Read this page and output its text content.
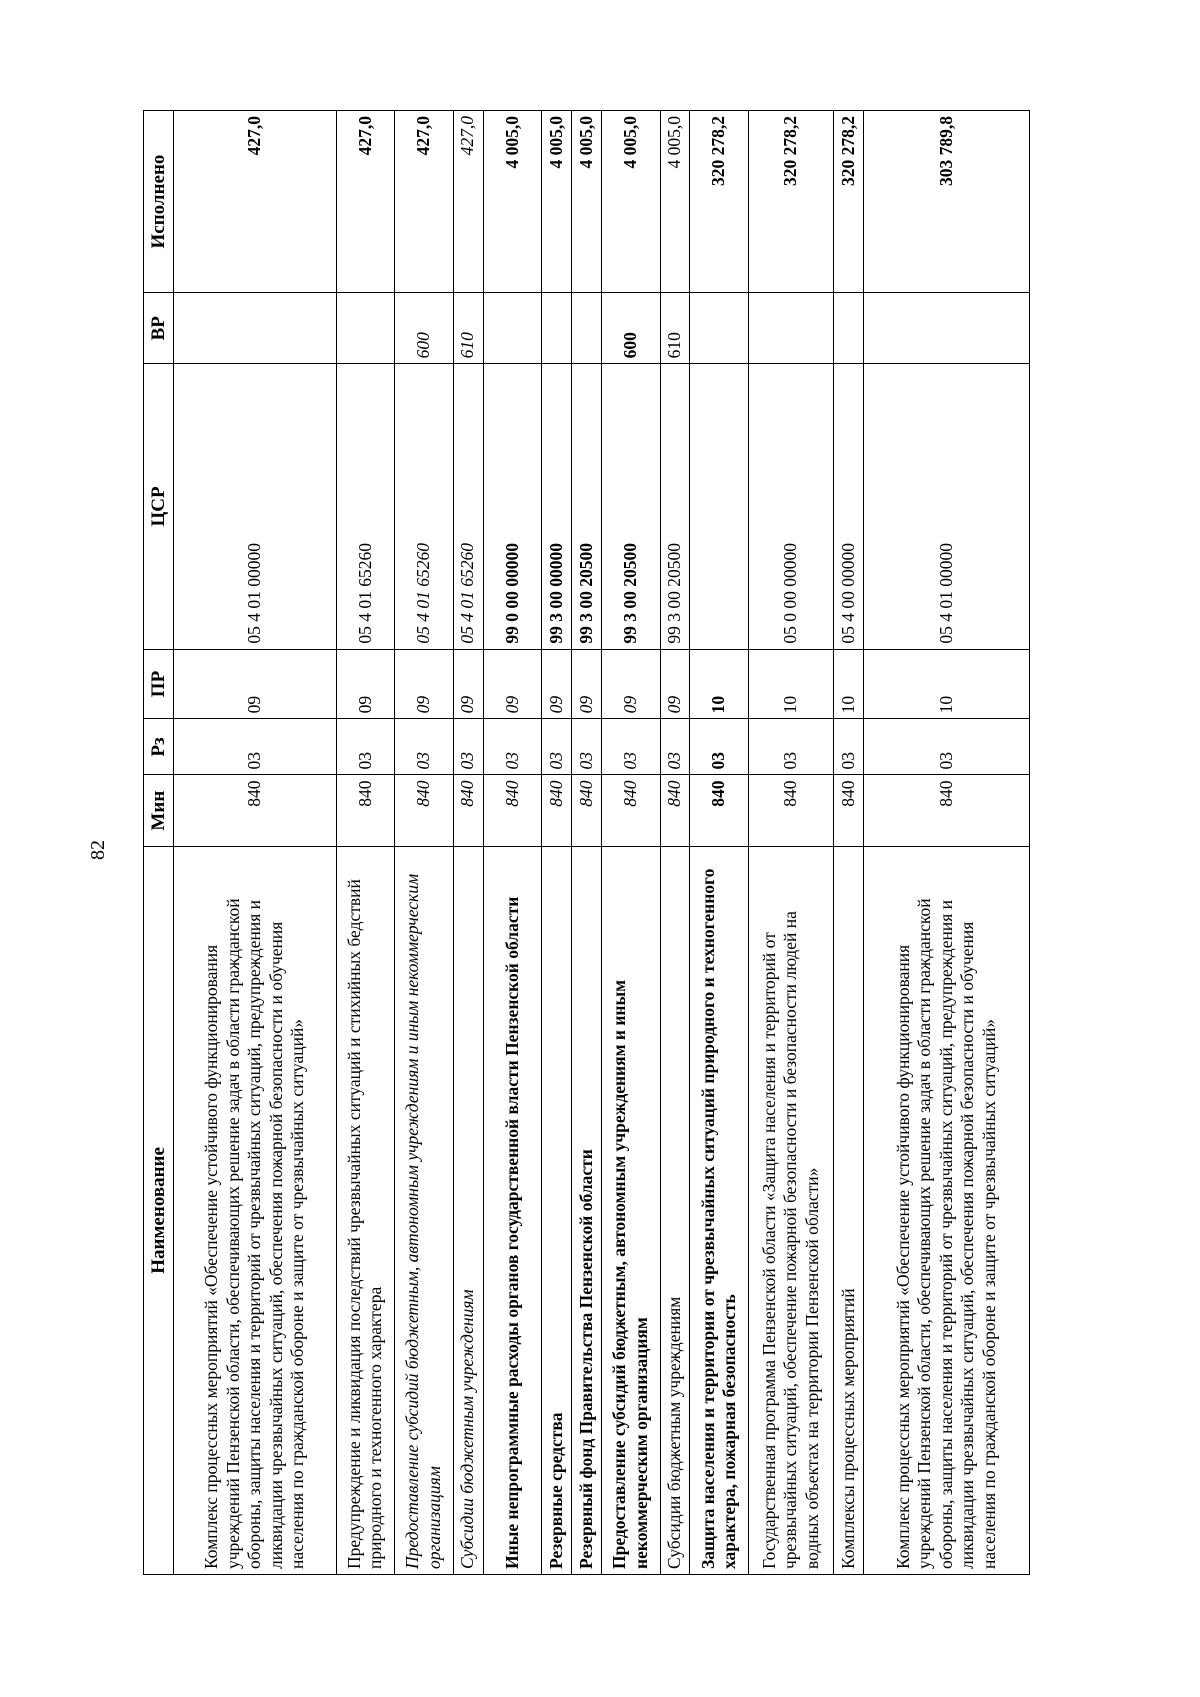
82
Наименование	Мин	Рз	ПР	ЦСР	ВР	Исполнено
Комплекс процессных мероприятий «Обеспечение устойчивого функционирования учреждений Пензенской области, обеспечивающих решение задач в области гражданской обороны, защиты населения и территорий от чрезвычайных ситуаций, предупреждения и ликвидации чрезвычайных ситуаций, обеспечения пожарной безопасности и обучения населения по гражданской обороне и защите от чрезвычайных ситуаций»	840	03	09	05 4 01 00000		427,0
Предупреждение и ликвидация последствий чрезвычайных ситуаций и стихийных бедствий природного и техногенного характера	840	03	09	05 4 01 65260		427,0
Предоставление субсидий бюджетным, автономным учреждениям и иным некоммерческим организациям	840	03	09	05 4 01 65260	600	427,0
Субсидии бюджетным учреждениям	840	03	09	05 4 01 65260	610	427,0
Иные непрограммные расходы органов государственной власти Пензенской области	840	03	09	99 0 00 00000		4 005,0
Резервные средства	840	03	09	99 3 00 00000		4 005,0
Резервный фонд Правительства Пензенской области	840	03	09	99 3 00 20500		4 005,0
Предоставление субсидий бюджетным, автономным учреждениям и иным некоммерческим организациям	840	03	09	99 3 00 20500	600	4 005,0
Субсидии бюджетным учреждениям	840	03	09	99 3 00 20500	610	4 005,0
Защита населения и территории от чрезвычайных ситуаций природного и техногенного характера, пожарная безопасность	840	03	10			320 278,2
Государственная программа Пензенской области «Защита населения и территорий от чрезвычайных ситуаций, обеспечение пожарной безопасности и безопасности людей на водных объектах на территории Пензенской области»	840	03	10	05 0 00 00000		320 278,2
Комплексы процессных мероприятий	840	03	10	05 4 00 00000		320 278,2
Комплекс процессных мероприятий «Обеспечение устойчивого функционирования учреждений Пензенской области, обеспечивающих решение задач в области гражданской обороны, защиты населения и территорий от чрезвычайных ситуаций, предупреждения и ликвидации чрезвычайных ситуаций, обеспечения пожарной безопасности и обучения населения по гражданской обороне и защите от чрезвычайных ситуаций»	840	03	10	05 4 01 00000		303 789,8
